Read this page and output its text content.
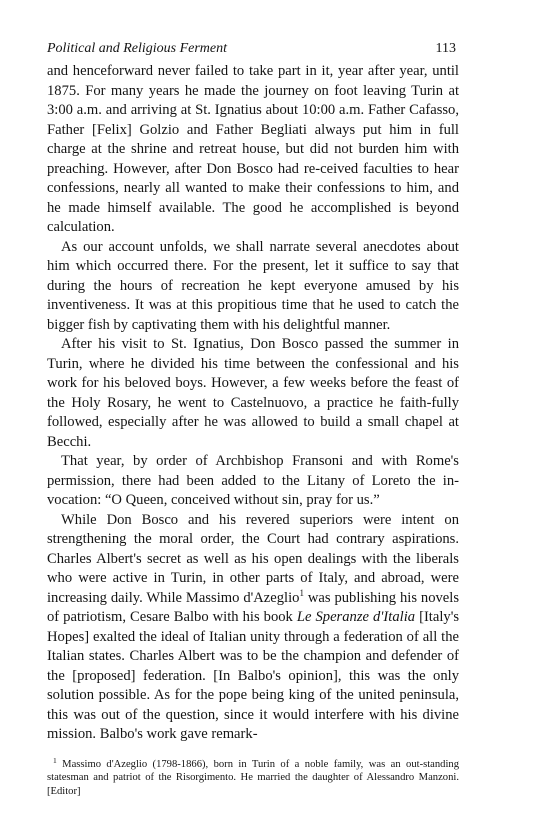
Political and Religious Ferment	113

and henceforward never failed to take part in it, year after year, until 1875. For many years he made the journey on foot leaving Turin at 3:00 a.m. and arriving at St. Ignatius about 10:00 a.m. Father Cafasso, Father [Felix] Golzio and Father Begliati always put him in full charge at the shrine and retreat house, but did not burden him with preaching. However, after Don Bosco had re-ceived faculties to hear confessions, nearly all wanted to make their confessions to him, and he made himself available. The good he accomplished is beyond calculation.

As our account unfolds, we shall narrate several anecdotes about him which occurred there. For the present, let it suffice to say that during the hours of recreation he kept everyone amused by his inventiveness. It was at this propitious time that he used to catch the bigger fish by captivating them with his delightful manner.

After his visit to St. Ignatius, Don Bosco passed the summer in Turin, where he divided his time between the confessional and his work for his beloved boys. However, a few weeks before the feast of the Holy Rosary, he went to Castelnuovo, a practice he faith-fully followed, especially after he was allowed to build a small chapel at Becchi.

That year, by order of Archbishop Fransoni and with Rome's permission, there had been added to the Litany of Loreto the in-vocation: “O Queen, conceived without sin, pray for us.”

While Don Bosco and his revered superiors were intent on strengthening the moral order, the Court had contrary aspirations. Charles Albert's secret as well as his open dealings with the liberals who were active in Turin, in other parts of Italy, and abroad, were increasing daily. While Massimo d'Azeglio$^1$ was publishing his novels of patriotism, Cesare Balbo with his book Le Speranze d'Italia [Italy's Hopes] exalted the ideal of Italian unity through a federation of all the Italian states. Charles Albert was to be the champion and defender of the [proposed] federation. [In Balbo's opinion], this was the only solution possible. As for the pope being king of the united peninsula, this was out of the question, since it would interfere with his divine mission. Balbo's work gave remark-

$^1$ Massimo d'Azeglio (1798-1866), born in Turin of a noble family, was an out-standing statesman and patriot of the Risorgimento. He married the daughter of Alessandro Manzoni. [Editor]
